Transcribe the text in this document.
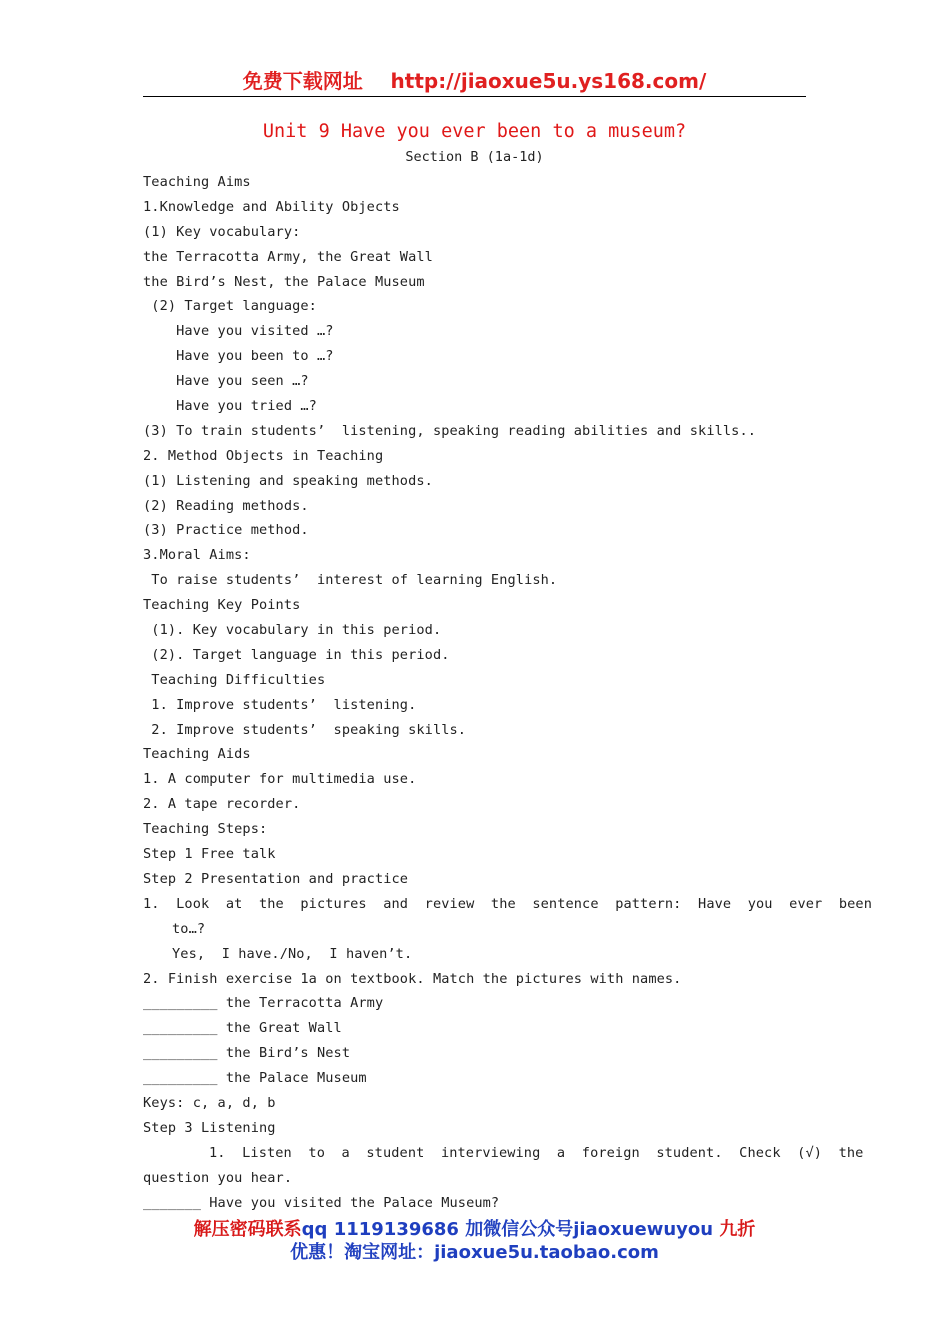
免费下载网址    http://jiaoxue5u.ys168.com/
Unit 9 Have you ever been to a museum?
Section B (1a-1d)
Teaching Aims
1.Knowledge and Ability Objects
(1) Key vocabulary:
the Terracotta Army, the Great Wall
the Bird’s Nest, the Palace Museum
(2) Target language:
Have you visited …?
Have you been to …?
Have you seen …?
Have you tried …?
(3) To train students’  listening, speaking reading abilities and skills..
2. Method Objects in Teaching
(1) Listening and speaking methods.
(2) Reading methods.
(3) Practice method.
3.Moral Aims:
To raise students’  interest of learning English.
Teaching Key Points
(1). Key vocabulary in this period.
(2). Target language in this period.
Teaching Difficulties
1. Improve students’  listening.
2. Improve students’  speaking skills.
Teaching Aids
1. A computer for multimedia use.
2. A tape recorder.
Teaching Steps:
Step 1 Free talk
Step 2 Presentation and practice
1.  Look  at  the  pictures  and  review  the  sentence  pattern:  Have  you  ever  been
to…?
Yes,  I have./No,  I haven’t.
2. Finish exercise 1a on textbook. Match the pictures with names.
_________ the Terracotta Army
_________ the Great Wall
_________ the Bird’s Nest
_________ the Palace Museum
Keys: c, a, d, b
Step 3 Listening
1.  Listen  to  a  student  interviewing  a  foreign  student.  Check  (√)  the
question you hear.
_______ Have you visited the Palace Museum?
解压密码联系qq 1119139686 加微信公众号jiaoxuewuyou 九折
优惠！淘宝网址：jiaoxue5u.taobao.com
